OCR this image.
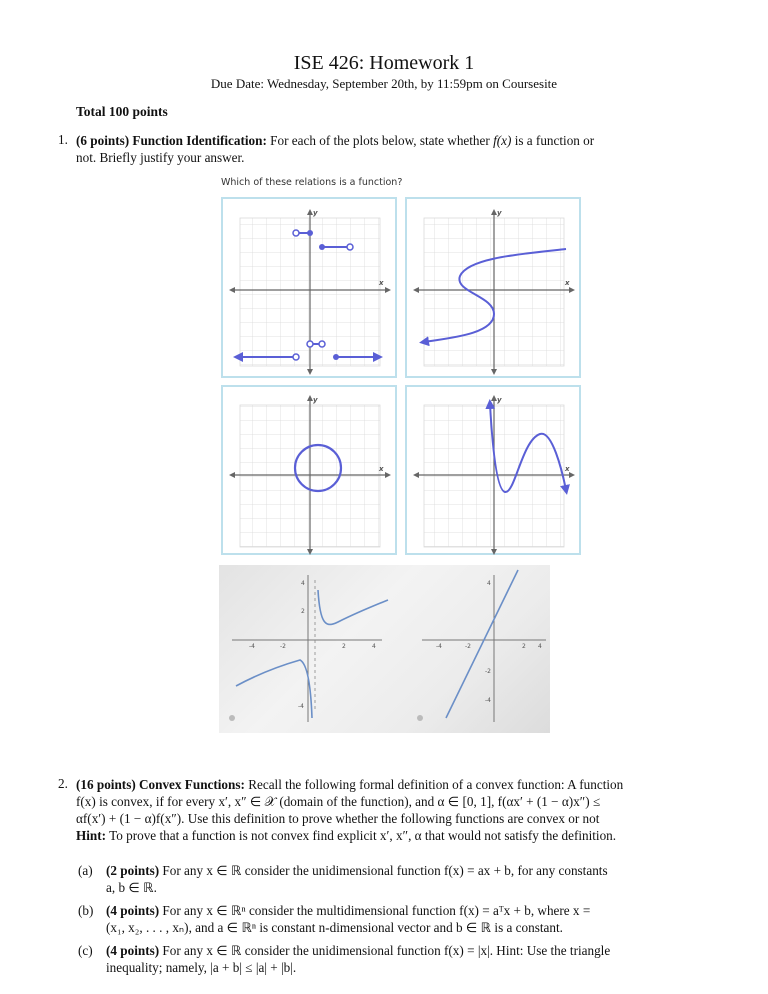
ISE 426: Homework 1
Due Date: Wednesday, September 20th, by 11:59pm on Coursesite
Total 100 points
1. (6 points) Function Identification: For each of the plots below, state whether f(x) is a function or
not. Briefly justify your answer.
Which of these relations is a function?
y
x
y
x
y
x
y
x
-4	-2	2	4
2
4
-4
-4	-2	2 4
4
-2
-4
2. (16 points) Convex Functions: Recall the following formal definition of a convex function: A function
f(x) is convex, if for every x′, x″ ∈ 𝒳 (domain of the function), and α ∈ [0, 1], f(αx′ + (1 − α)x″) ≤
αf(x′) + (1 − α)f(x″). Use this definition to prove whether the following functions are convex or not
Hint: To prove that a function is not convex find explicit x′, x″, α that would not satisfy the definition.
(a) (2 points) For any x ∈ ℝ consider the unidimensional function f(x) = ax + b, for any constants
a, b ∈ ℝ.
(b) (4 points) For any x ∈ ℝⁿ consider the multidimensional function f(x) = aᵀx + b, where x =
(x₁, x₂, . . . , xₙ), and a ∈ ℝⁿ is constant n-dimensional vector and b ∈ ℝ is a constant.
(c) (4 points) For any x ∈ ℝ consider the unidimensional function f(x) = |x|. Hint: Use the triangle
inequality; namely, |a + b| ≤ |a| + |b|.
